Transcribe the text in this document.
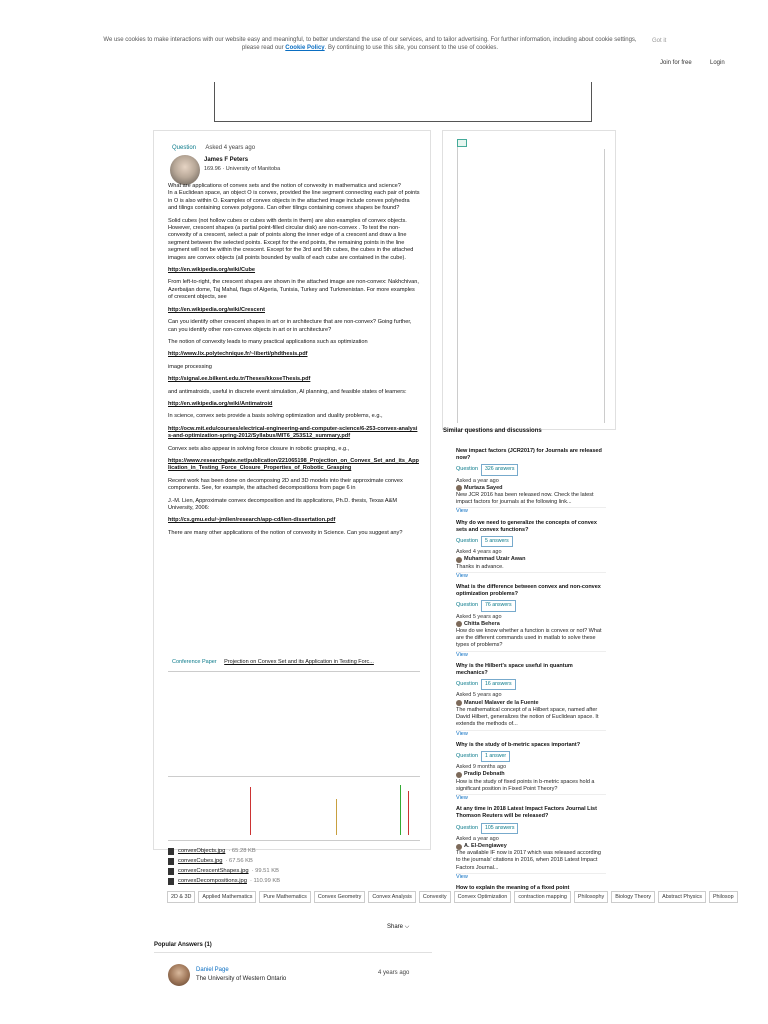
We use cookies to make interactions with our website easy and meaningful, to better understand the use of our services, and to tailor advertising. For further information, including about cookie settings, please read our Cookie Policy. By continuing to use this site, you consent to the use of cookies.
Got it
Join for free	Login
Question Asked 4 years ago
James F Peters
169.96 · University of Manitoba

What are applications of convex sets and the notion of convexity in mathematics and science?
In a Euclidean space, an object O is convex, provided the line segment connecting each pair of points in O is also within O. Examples of convex objects in the attached image include convex polyhedra and tilings containing convex polygons. Can other tilings containing convex shapes be found?

Solid cubes (not hollow cubes or cubes with dents in them) are also examples of convex objects. However, crescent shapes (a partial point-filled circular disk) are non-convex . To test the non-convexity of a crescent, select a pair of points along the inner edge of a crescent and draw a line segment between the selected points. Except for the end points, the remaining points in the line segment will not be within the crescent. Except for the 3rd and 5th cubes, the cubes in the attached images are convex objects (all points bounded by walls of each cube are contained in the cube).

http://en.wikipedia.org/wiki/Cube

From left-to-right, the crescent shapes are shown in the attached image are non-convex: Nakhchivan, Azerbaijan dome, Taj Mahal, flags of Algeria, Tunisia, Turkey and Turkmenistan. For more examples of crescent objects, see

http://en.wikipedia.org/wiki/Crescent

Can you identify other crescent shapes in art or in architecture that are non-convex? Going further, can you identify other non-convex objects in art or in architecture?

The notion of convexity leads to many practical applications such as optimization

http://www.lix.polytechnique.fr/~liberti/phdthesis.pdf

image processing

http://signal.ee.bilkent.edu.tr/Theses/kkoseThesis.pdf

and antimatroids, useful in discrete event simulation, AI planning, and feasible states of learners:

http://en.wikipedia.org/wiki/Antimatroid

In science, convex sets provide a basis solving optimization and duality problems, e.g.,

http://ocw.mit.edu/courses/electrical-engineering-and-computer-science/6-253-convex-analysis-and-optimization-spring-2012/Syllabus/MIT6_253S12_summary.pdf

Convex sets also appear in solving force closure in robotic grasping, e.g.,

https://www.researchgate.net/publication/221065198_Projection_on_Convex_Set_and_its_Application_in_Testing_Force_Closure_Properties_of_Robotic_Grasping

Recent work has been done on decomposing 2D and 3D models into their approximate convex components. See, for example, the attached decompositions from page 6 in

J.-M. Lien, Approximate convex decomposition and its applications, Ph.D. thesis, Texas A&M University, 2006:

http://cs.gmu.edu/~jmlien/research/app-cd/lien-dissertation.pdf

There are many other applications of the notion of convexity in Science. Can you suggest any?

Conference Paper Projection on Convex Set and its Application in Testing Forc...
convexObjects.jpg · 65.28 KB
convexCubes.jpg · 67.56 KB
convexCrescentShapes.jpg · 99.51 KB
convexDecompositions.jpg · 110.99 KB
2D & 3D	Applied Mathematics	Pure Mathematics	Convex Geometry	Convex Analysis	Convexity	Convex Optimization	contraction mapping	Philosophy	Biology Theory	Abstract Physics	Philosop
Share ⌵
Popular Answers (1)
Daniel Page
The University of Western Ontario
4 years ago
Similar questions and discussions
New impact factors (JCR2017) for Journals are released now?
Question	326 answers
Asked a year ago
Murtaza Sayed
New JCR 2016 has been released now. Check the latest impact factors for journals at the following link...
View
Why do we need to generalize the concepts of convex sets and convex functions?
Question	5 answers
Asked 4 years ago
Muhammad Uzair Awan
Thanks in advance.
View
What is the difference between convex and non-convex optimization problems?
Question	76 answers
Asked 5 years ago
Chitta Behera
How do we know whether a function is convex or not? What are the different commands used in matlab to solve these types of problems?
View
Why is the Hilbert's space useful in quantum mechanics?
Question	16 answers
Asked 5 years ago
Manuel Malaver de la Fuente
The mathematical concept of a Hilbert space, named after David Hilbert, generalizes the notion of Euclidean space. It extends the methods of...
View
Why is the study of b-metric spaces important?
Question	1 answer
Asked 9 months ago
Pradip Debnath
How is the study of fixed points in b-metric spaces hold a significant position in Fixed Point Theory?
View
At any time in 2018 Latest Impact Factors Journal List Thomson Reuters will be released?
Question	105 answers
Asked a year ago
A. El-Dengiawey
The available IF now is 2017 which was released according to the journals' citations in 2016, when 2018 Latest Impact Factors Journal...
View
How to explain the meaning of a fixed point
